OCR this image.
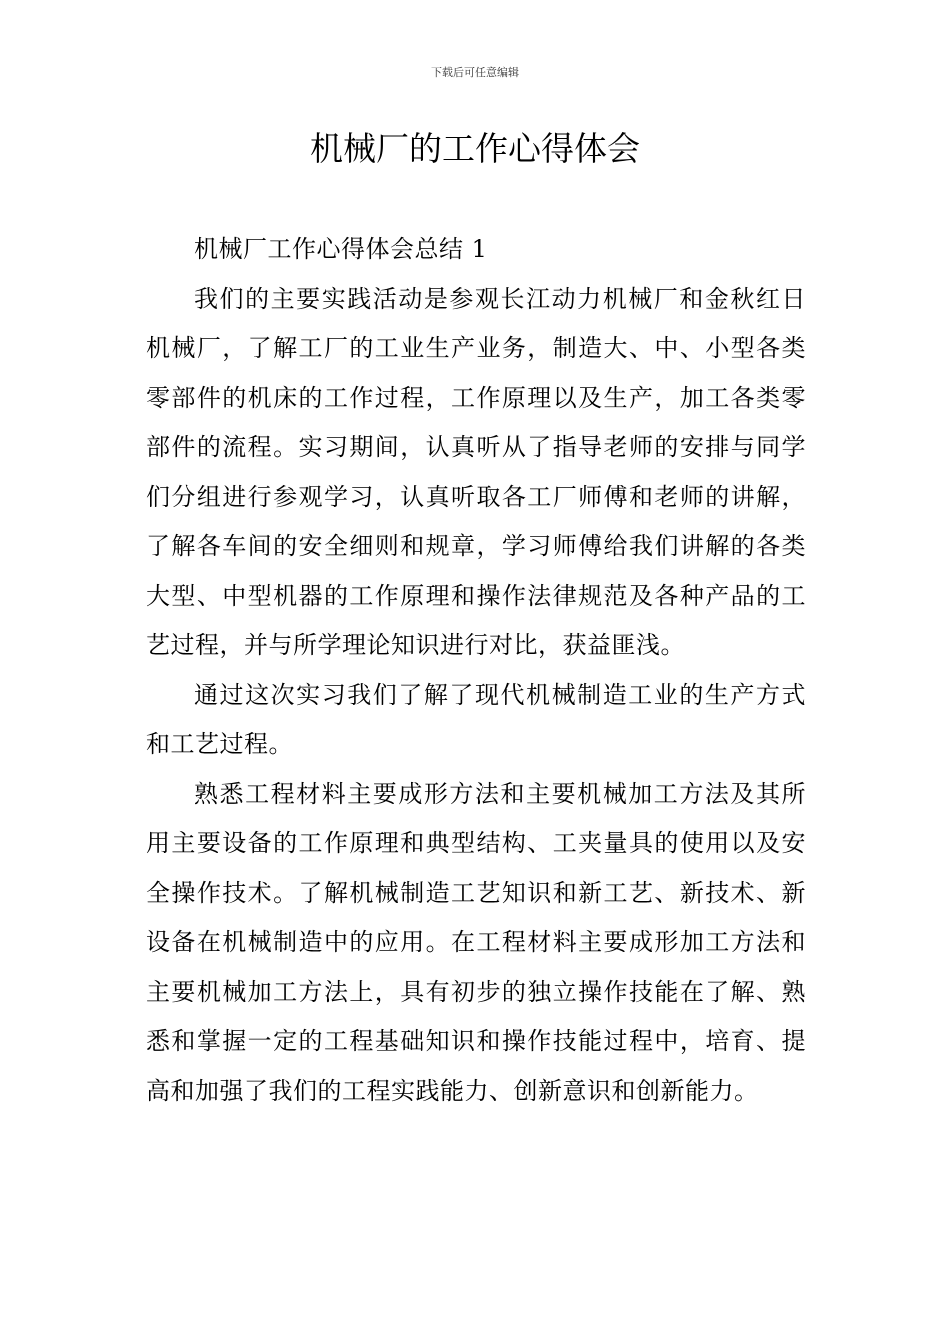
下载后可任意编辑
机械厂的工作心得体会

机械厂工作心得体会总结 1

我们的主要实践活动是参观长江动力机械厂和金秋红日机械厂，了解工厂的工业生产业务，制造大、中、小型各类零部件的机床的工作过程，工作原理以及生产，加工各类零部件的流程。实习期间，认真听从了指导老师的安排与同学们分组进行参观学习，认真听取各工厂师傅和老师的讲解，了解各车间的安全细则和规章，学习师傅给我们讲解的各类大型、中型机器的工作原理和操作法律规范及各种产品的工艺过程，并与所学理论知识进行对比，获益匪浅。

通过这次实习我们了解了现代机械制造工业的生产方式和工艺过程。

熟悉工程材料主要成形方法和主要机械加工方法及其所用主要设备的工作原理和典型结构、工夹量具的使用以及安全操作技术。了解机械制造工艺知识和新工艺、新技术、新设备在机械制造中的应用。在工程材料主要成形加工方法和主要机械加工方法上，具有初步的独立操作技能在了解、熟悉和掌握一定的工程基础知识和操作技能过程中，培育、提高和加强了我们的工程实践能力、创新意识和创新能力。
